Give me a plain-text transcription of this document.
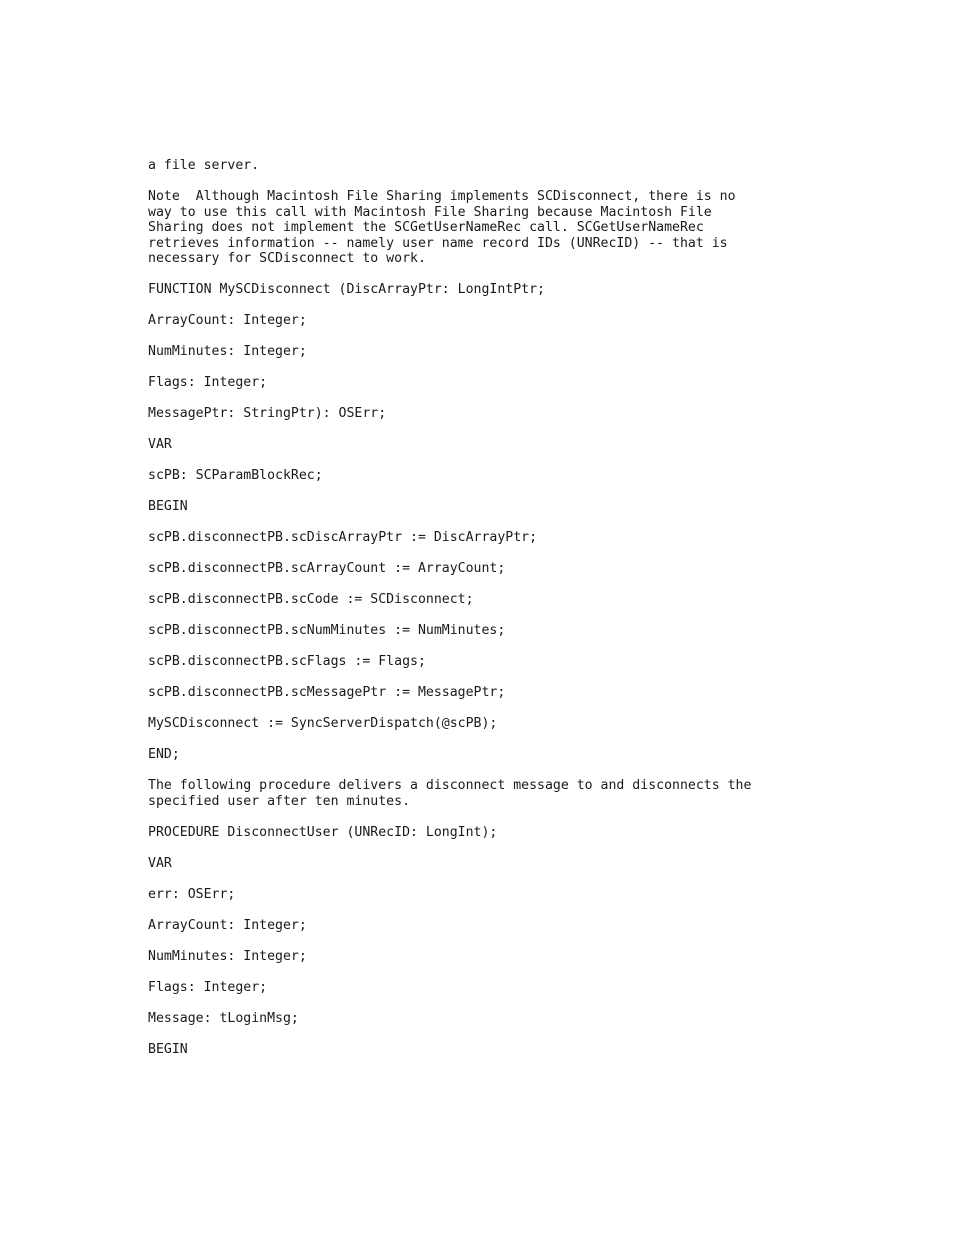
a file server.

Note  Although Macintosh File Sharing implements SCDisconnect, there is no
way to use this call with Macintosh File Sharing because Macintosh File
Sharing does not implement the SCGetUserNameRec call. SCGetUserNameRec
retrieves information -- namely user name record IDs (UNRecID) -- that is
necessary for SCDisconnect to work.

FUNCTION MySCDisconnect (DiscArrayPtr: LongIntPtr;

ArrayCount: Integer;

NumMinutes: Integer;

Flags: Integer;

MessagePtr: StringPtr): OSErr;

VAR

scPB: SCParamBlockRec;

BEGIN

scPB.disconnectPB.scDiscArrayPtr := DiscArrayPtr;

scPB.disconnectPB.scArrayCount := ArrayCount;

scPB.disconnectPB.scCode := SCDisconnect;

scPB.disconnectPB.scNumMinutes := NumMinutes;

scPB.disconnectPB.scFlags := Flags;

scPB.disconnectPB.scMessagePtr := MessagePtr;

MySCDisconnect := SyncServerDispatch(@scPB);

END;

The following procedure delivers a disconnect message to and disconnects the
specified user after ten minutes.

PROCEDURE DisconnectUser (UNRecID: LongInt);

VAR

err: OSErr;

ArrayCount: Integer;

NumMinutes: Integer;

Flags: Integer;

Message: tLoginMsg;

BEGIN
